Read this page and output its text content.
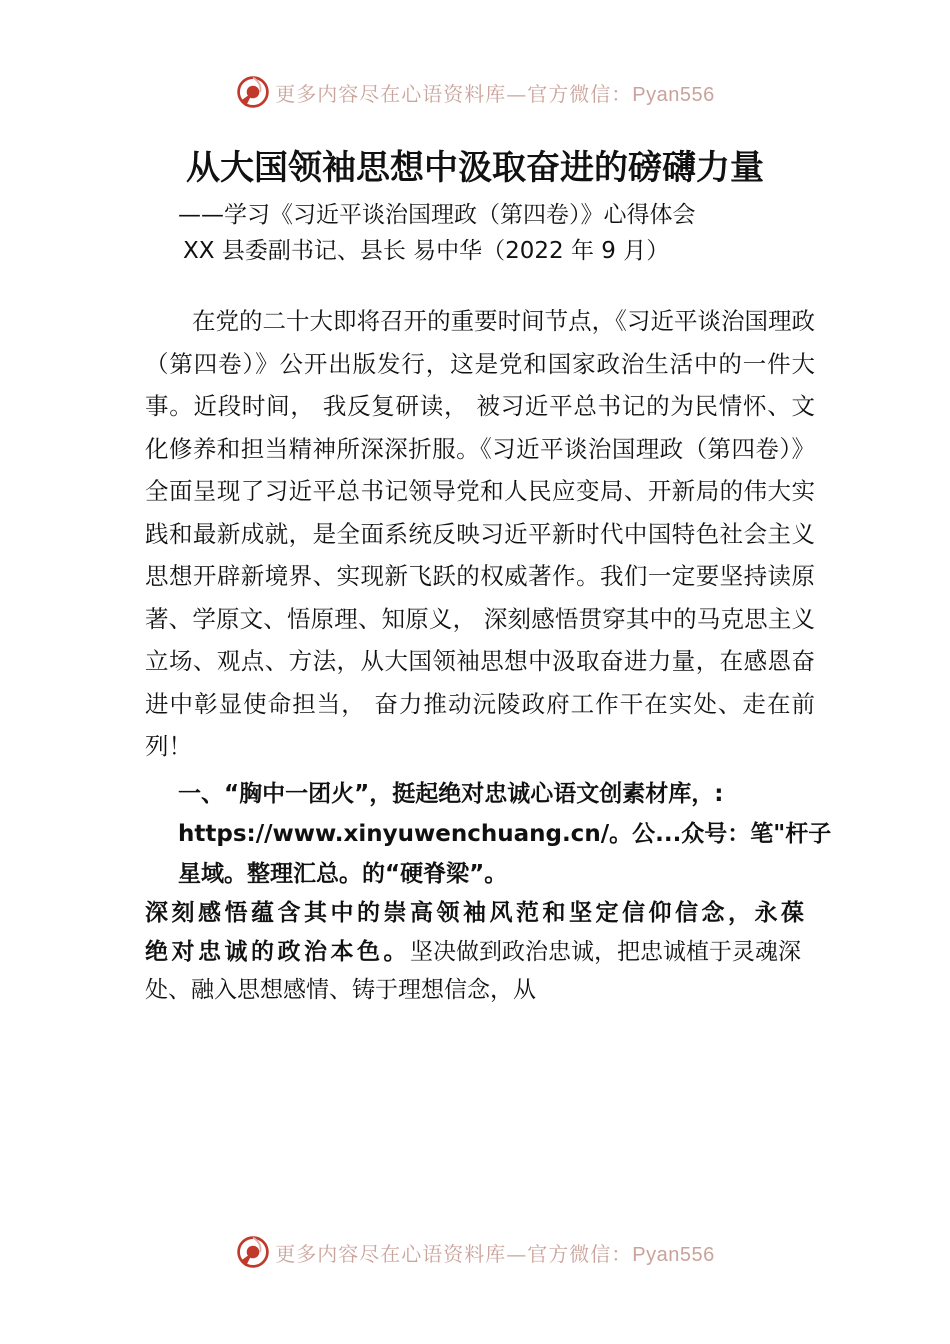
更多内容尽在心语资料库—官方微信：Pyan556
从大国领袖思想中汲取奋进的磅礴力量
——学习《习近平谈治国理政（第四卷）》心得体会
XX 县委副书记、县长 易中华（2022 年 9 月）

在党的二十大即将召开的重要时间节点，《习近平谈治国理政（第四卷）》公开出版发行，这是党和国家政治生活中的一件大事。近段时间， 我反复研读， 被习近平总书记的为民情怀、文化修养和担当精神所深深折服。《习近平谈治国理政（第四卷）》全面呈现了习近平总书记领导党和人民应变局、开新局的伟大实践和最新成就，是全面系统反映习近平新时代中国特色社会主义思想开辟新境界、实现新飞跃的权威著作。我们一定要坚持读原著、学原文、悟原理、知原义， 深刻感悟贯穿其中的马克思主义立场、观点、方法，从大国领袖思想中汲取奋进力量，在感恩奋进中彰显使命担当， 奋力推动沅陵政府工作干在实处、走在前列！

一、“胸中一团火”，挺起绝对忠诚心语文创素材库，:
https://www.xinyuwenchuang.cn/。公...众号：笔"杆子
星域。整理汇总。的“硬脊梁”。

深刻感悟蕴含其中的崇高领袖风范和坚定信仰信念，永葆绝对忠诚的政治本色。坚决做到政治忠诚，把忠诚植于灵魂深处、融入思想感情、铸于理想信念，从

更多内容尽在心语资料库—官方微信：Pyan556
